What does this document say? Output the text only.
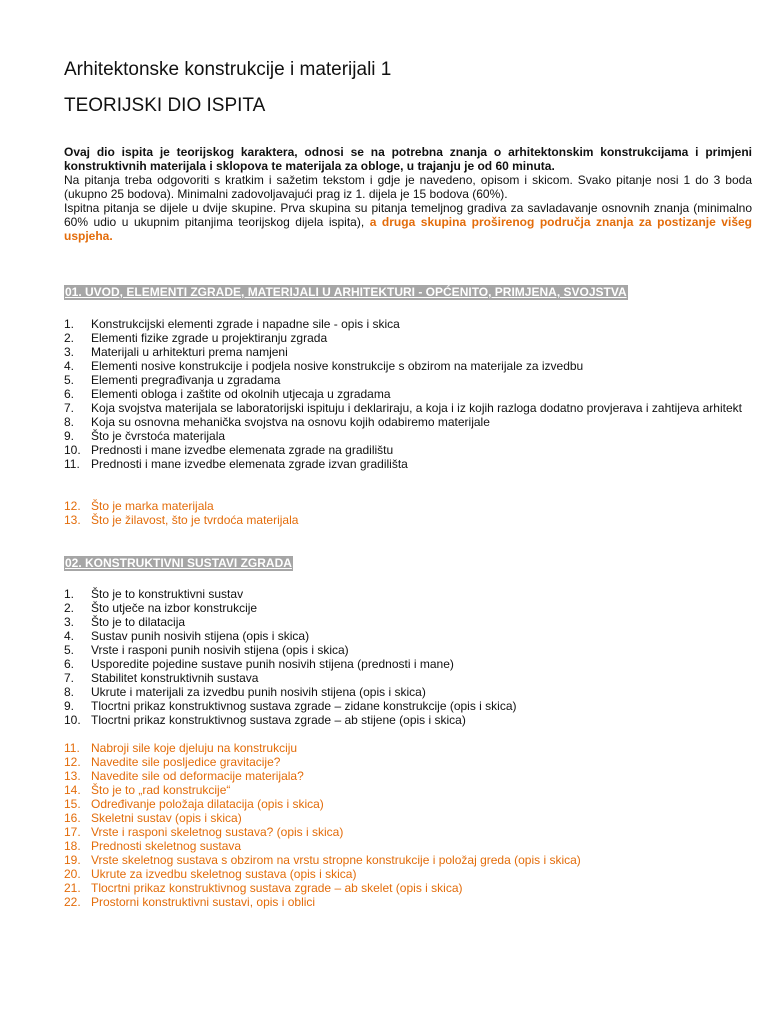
Arhitektonske konstrukcije i materijali 1
TEORIJSKI DIO ISPITA

Ovaj dio ispita je teorijskog karaktera, odnosi se na potrebna znanja o arhitektonskim konstrukcijama i primjeni konstruktivnih materijala i sklopova te materijala za obloge, u trajanju je od 60 minuta.

Na pitanja treba odgovoriti s kratkim i sažetim tekstom i gdje je navedeno, opisom i skicom. Svako pitanje nosi 1 do 3 boda (ukupno 25 bodova). Minimalni zadovoljavajući prag iz 1. dijela je 15 bodova (60%).

Ispitna pitanja se dijele u dvije skupine. Prva skupina su pitanja temeljnog gradiva za savladavanje osnovnih znanja (minimalno 60% udio u ukupnim pitanjima teorijskog dijela ispita), a druga skupina proširenog područja znanja za postizanje višeg uspjeha.

01. UVOD, ELEMENTI ZGRADE, MATERIJALI U ARHITEKTURI - OPĆENITO, PRIMJENA, SVOJSTVA
1. Konstrukcijski elementi zgrade i napadne sile - opis i skica
2. Elementi fizike zgrade u projektiranju zgrada
3. Materijali u arhitekturi prema namjeni
4. Elementi nosive konstrukcije i podjela nosive konstrukcije s obzirom na materijale za izvedbu
5. Elementi pregrađivanja u zgradama
6. Elementi obloga i zaštite od okolnih utjecaja u zgradama
7. Koja svojstva materijala se laboratorijski ispituju i deklariraju, a koja i iz kojih razloga dodatno provjerava i zahtijeva arhitekt
8. Koja su osnovna mehanička svojstva na osnovu kojih odabiremo materijale
9. Što je čvrstoća materijala
10. Prednosti i mane izvedbe elemenata zgrade na gradilištu
11. Prednosti i mane izvedbe elemenata zgrade izvan gradilišta
12. Što je marka materijala
13. Što je žilavost, što je tvrdoća materijala
02. KONSTRUKTIVNI SUSTAVI ZGRADA
1. Što je to konstruktivni sustav
2. Što utječe na izbor konstrukcije
3. Što je to dilatacija
4. Sustav punih nosivih stijena (opis i skica)
5. Vrste i rasponi punih nosivih stijena (opis i skica)
6. Usporedite pojedine sustave punih nosivih stijena (prednosti i mane)
7. Stabilitet konstruktivnih sustava
8. Ukrute i materijali za izvedbu punih nosivih stijena (opis i skica)
9. Tlocrtni prikaz konstruktivnog sustava zgrade – zidane konstrukcije (opis i skica)
10. Tlocrtni prikaz konstruktivnog sustava zgrade – ab stijene (opis i skica)
11. Nabroji sile koje djeluju na konstrukciju
12. Navedite sile posljedice gravitacije?
13. Navedite sile od deformacije materijala?
14. Što je to „rad konstrukcije“
15. Određivanje položaja dilatacija (opis i skica)
16. Skeletni sustav (opis i skica)
17. Vrste i rasponi skeletnog sustava? (opis i skica)
18. Prednosti skeletnog sustava
19. Vrste skeletnog sustava s obzirom na vrstu stropne konstrukcije i položaj greda (opis i skica)
20. Ukrute za izvedbu skeletnog sustava (opis i skica)
21. Tlocrtni prikaz konstruktivnog sustava zgrade – ab skelet (opis i skica)
22. Prostorni konstruktivni sustavi, opis i oblici
